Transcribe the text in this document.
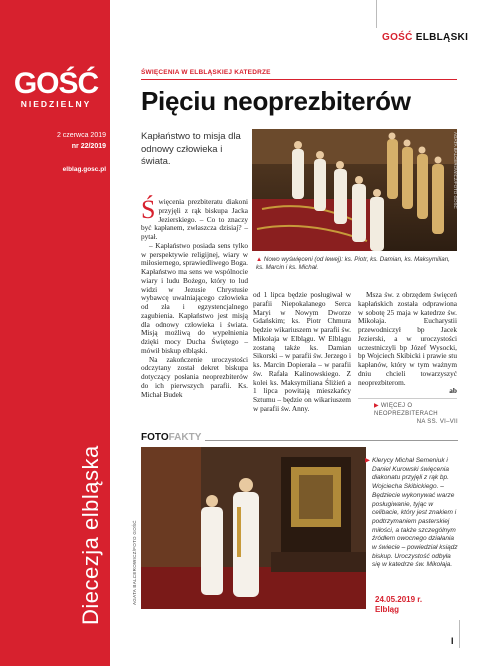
GOŚĆ
NIEDZIELNY
2 czerwca 2019
nr 22/2019
elblag.gosc.pl
Diecezja elbląska
GOŚĆ ELBLĄSKI
ŚWIĘCENIA W ELBLĄSKIEJ KATEDRZE
Pięciu neoprezbiterów
Kapłaństwo to misja dla odnowy człowieka i świata.	AGATA BALCEROWICZ/FOTO GOŚĆ
▲ Nowo wyświęceni (od lewej): ks. Piotr, ks. Damian, ks. Maksymilian, ks. Marcin i ks. Michał.

Święcenia prezbiteratu diakoni przyjęli z rąk biskupa Jacka Jezierskiego. – Co to znaczy być kapłanem, zwłaszcza dzisiaj? – pytał.

– Kapłaństwo posiada sens tylko w perspektywie religijnej, wiary w miłosiernego, sprawiedliwego Boga. Kapłaństwo ma sens we wspólnocie wiary i ludu Bożego, który to lud widzi w Jezusie Chrystusie wybawcę uwalniającego człowieka od zła i egzystencjalnego zagubienia. Kapłaństwo jest misją dla odnowy człowieka i świata. Misją możliwą do wypełnienia dzięki mocy Ducha Świętego – mówił biskup elbląski.

Na zakończenie uroczystości odczytany został dekret biskupa dotyczący posłania neoprezbiterów do ich pierwszych parafii. Ks. Michał Budek

od 1 lipca będzie posługiwał w parafii Niepokalanego Serca Maryi w Nowym Dworze Gdańskim; ks. Piotr Chmura będzie wikariuszem w parafii św. Mikołaja w Elblągu. W Elblągu zostaną także ks. Damian Sikorski – w parafii św. Jerzego i ks. Marcin Dopierała – w parafii św. Rafała Kalinowskiego. Z kolei ks. Maksymiliana Śliżień a 1 lipca powitają mieszkańcy Sztumu – będzie on wikariuszem w parafii św. Anny.

Msza św. z obrzędem święceń kapłańskich została odprawiona w sobotę 25 maja w katedrze św. Mikołaja. Eucharystii przewodniczył bp Jacek Jezierski, a w uroczystości uczestniczyli bp Józef Wysocki, bp Wojciech Skibicki i prawie stu kapłanów, który w tym ważnym dniu chcieli towarzyszyć neoprezbiterom.

ab

▶ WIĘCEJ O NEOPREZBITERACH

NA SS. VI–VII
FOTOFAKTY
AGATA BALCEROWICZ/FOTO GOŚĆ
▶ Klerycy Michał Semeniuk i Daniel Kurowski święcenia diakonatu przyjęli z rąk bp. Wojciecha Skibickiego. – Będziecie wykonywać warze posługiwanie, tyjąc w celibacie, który jest znakiem i podtrzymaniem pasterskiej miłości, a także szczególnym źródłem owocnego działania w świecie – powiedział ksiądz biskup. Uroczystość odbyła się w katedrze św. Mikołaja.
24.05.2019 r.
Elbląg
I
